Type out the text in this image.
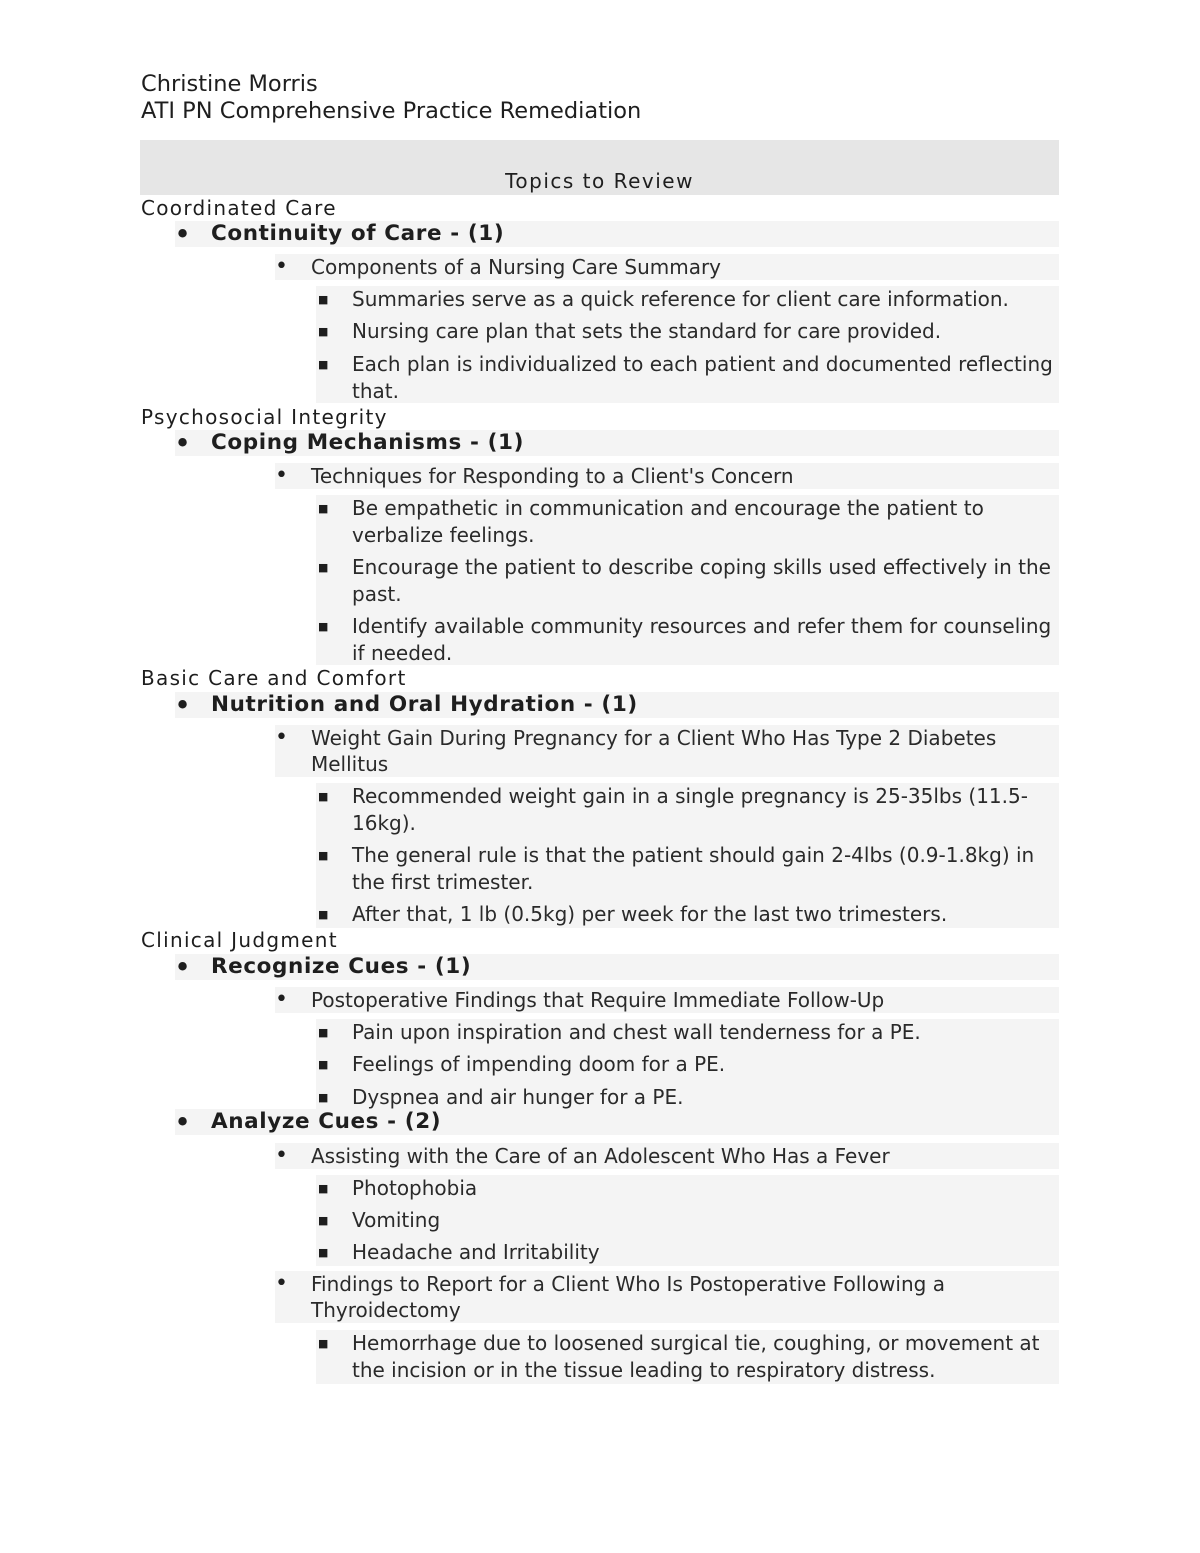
Christine Morris
ATI PN Comprehensive Practice Remediation
Topics to Review
Coordinated Care
• Continuity of Care - (1)
• Components of a Nursing Care Summary
■ Summaries serve as a quick reference for client care information.
■ Nursing care plan that sets the standard for care provided.
■ Each plan is individualized to each patient and documented reflecting that.
Psychosocial Integrity
• Coping Mechanisms - (1)
• Techniques for Responding to a Client's Concern
■ Be empathetic in communication and encourage the patient to verbalize feelings.
■ Encourage the patient to describe coping skills used effectively in the past.
■ Identify available community resources and refer them for counseling if needed.
Basic Care and Comfort
• Nutrition and Oral Hydration - (1)
• Weight Gain During Pregnancy for a Client Who Has Type 2 Diabetes Mellitus
■ Recommended weight gain in a single pregnancy is 25-35lbs (11.5-16kg).
■ The general rule is that the patient should gain 2-4lbs (0.9-1.8kg) in the first trimester.
■ After that, 1 lb (0.5kg) per week for the last two trimesters.
Clinical Judgment
• Recognize Cues - (1)
• Postoperative Findings that Require Immediate Follow-Up
■ Pain upon inspiration and chest wall tenderness for a PE.
■ Feelings of impending doom for a PE.
■ Dyspnea and air hunger for a PE.
• Analyze Cues - (2)
• Assisting with the Care of an Adolescent Who Has a Fever
■ Photophobia
■ Vomiting
■ Headache and Irritability
• Findings to Report for a Client Who Is Postoperative Following a Thyroidectomy
■ Hemorrhage due to loosened surgical tie, coughing, or movement at the incision or in the tissue leading to respiratory distress.
